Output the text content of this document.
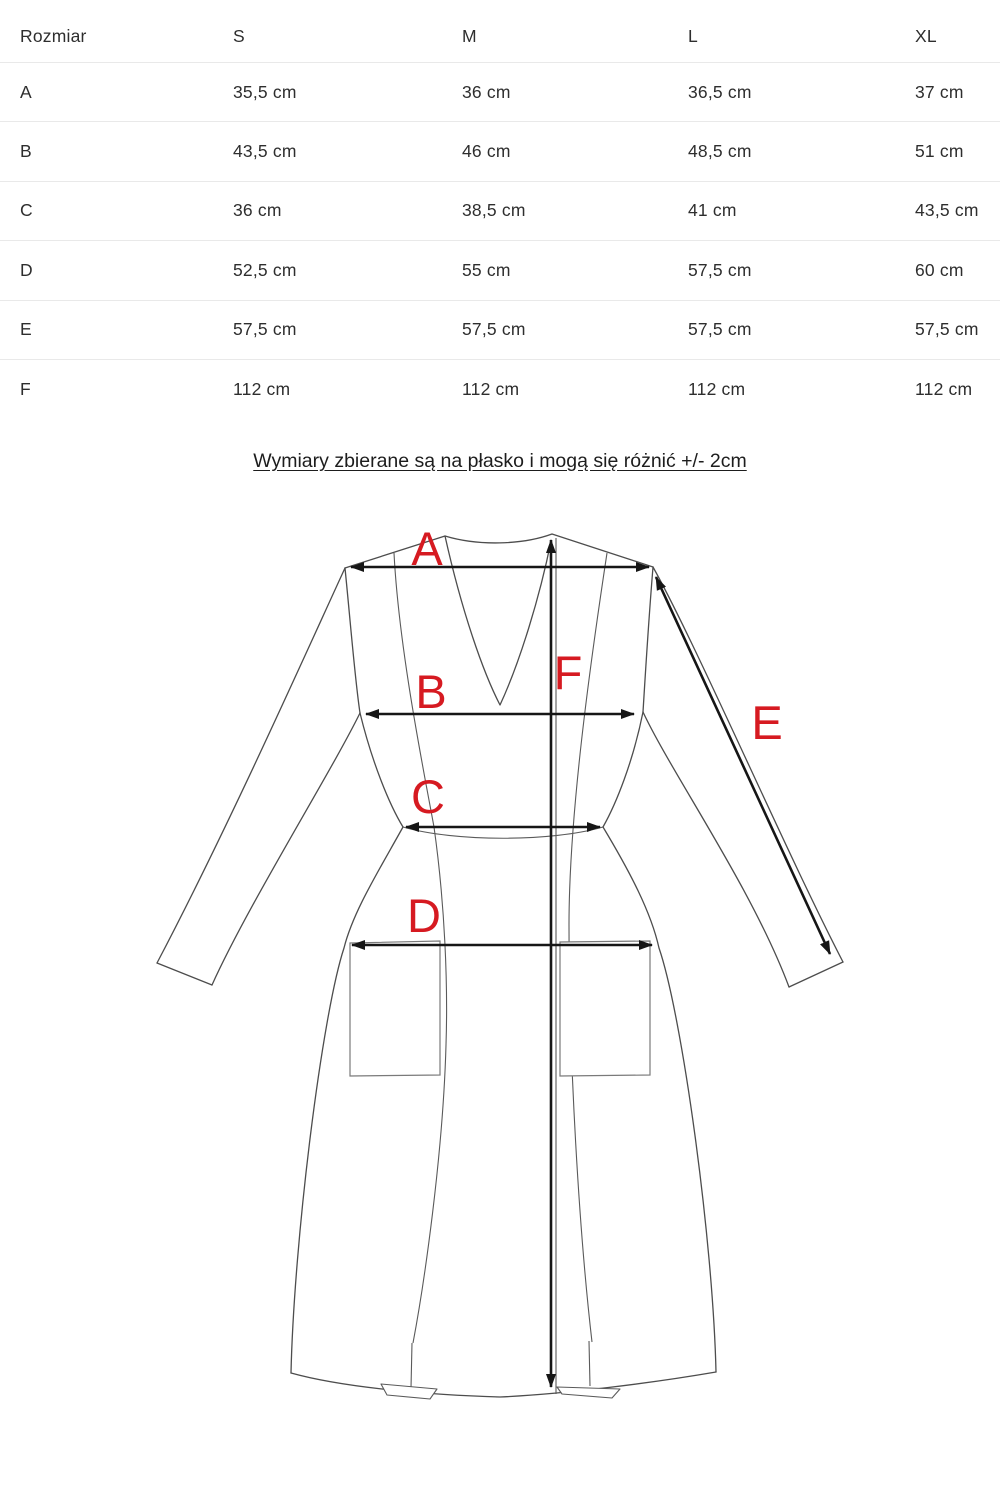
Rozmiar	S	M	L	XL
A	35,5 cm	36 cm	36,5 cm	37 cm
B	43,5 cm	46 cm	48,5 cm	51 cm
C	36 cm	38,5 cm	41 cm	43,5 cm
D	52,5 cm	55 cm	57,5 cm	60 cm
E	57,5 cm	57,5 cm	57,5 cm	57,5 cm
F	112 cm	112 cm	112 cm	112 cm
Wymiary zbierane są na płasko i mogą się różnić +/- 2cm
A
B
C
D
E
F
